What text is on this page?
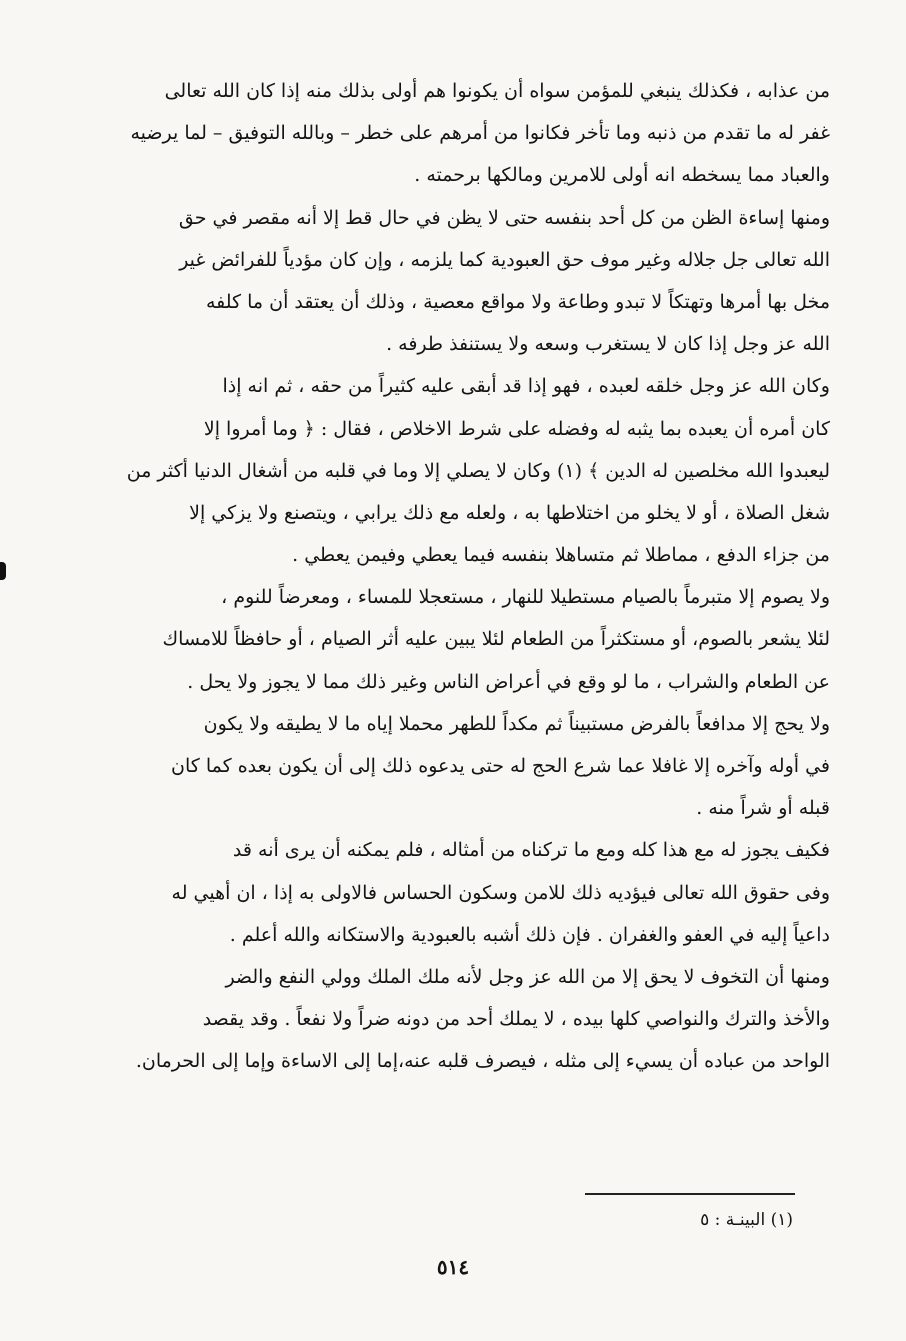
من عذابه ، فكذلك ينبغي للمؤمن سواه أن يكونوا هم أولى بذلك منه إذا كان الله تعالى
غفر له ما تقدم من ذنبه وما تأخر فكانوا من أمرهم على خطر – وبالله التوفيق – لما يرضيه
والعباد مما يسخطه انه أولى للامرين ومالكها برحمته .
ومنها إساءة الظن من كل أحد بنفسه حتى لا يظن في حال قط إلا أنه مقصر في حق
الله تعالى جل جلاله وغير موف حق العبودية كما يلزمه ، وإن كان مؤدياً للفرائض غير
مخل بها أمرها وتهتكاً لا تبدو وطاعة ولا مواقع معصية ، وذلك أن يعتقد أن ما كلفه
الله عز وجل إذا كان لا يستغرب وسعه ولا يستنفذ طرفه .
وكان الله عز وجل خلقه لعبده ، فهو إذا قد أبقى عليه كثيراً من حقه ، ثم انه إذا
كان أمره أن يعبده بما يثبه له وفضله على شرط الاخلاص ، فقال : ﴿ وما أمروا إلا
ليعبدوا الله مخلصين له الدين ﴾ (١) وكان لا يصلي إلا وما في قلبه من أشغال الدنيا أكثر من
شغل الصلاة ، أو لا يخلو من اختلاطها به ، ولعله مع ذلك يرابي ، ويتصنع ولا يزكي إلا
من جزاء الدفع ، مماطلا ثم متساهلا بنفسه فيما يعطي وفيمن يعطي .
ولا يصوم إلا متبرماً بالصيام مستطيلا للنهار ، مستعجلا للمساء ، ومعرضاً للنوم ،
لئلا يشعر بالصوم، أو مستكثراً من الطعام لئلا يبين عليه أثر الصيام ، أو حافظاً للامساك
عن الطعام والشراب ، ما لو وقع في أعراض الناس وغير ذلك مما لا يجوز ولا يحل .
ولا يحج إلا مدافعاً بالفرض مستبيناً ثم مكداً للطهر محملا إياه ما لا يطيقه ولا يكون
في أوله وآخره إلا غافلا عما شرع الحج له حتى يدعوه ذلك إلى أن يكون بعده كما كان
قبله أو شراً منه .
فكيف يجوز له مع هذا كله ومع ما تركناه من أمثاله ، فلم يمكنه أن يرى أنه قد
وفى حقوق الله تعالى فيؤديه ذلك للامن وسكون الحساس فالاولى به إذا ، ان أهيي له
داعياً إليه في العفو والغفران . فإن ذلك أشبه بالعبودية والاستكانه والله أعلم .
ومنها أن التخوف لا يحق إلا من الله عز وجل لأنه ملك الملك وولي النفع والضر
والأخذ والترك والنواصي كلها بيده ، لا يملك أحد من دونه ضراً ولا نفعاً . وقد يقصد
الواحد من عباده أن يسيء إلى مثله ، فيصرف قلبه عنه،إما إلى الاساءة وإما إلى الحرمان.
(١) البينـة : ٥
٥١٤
